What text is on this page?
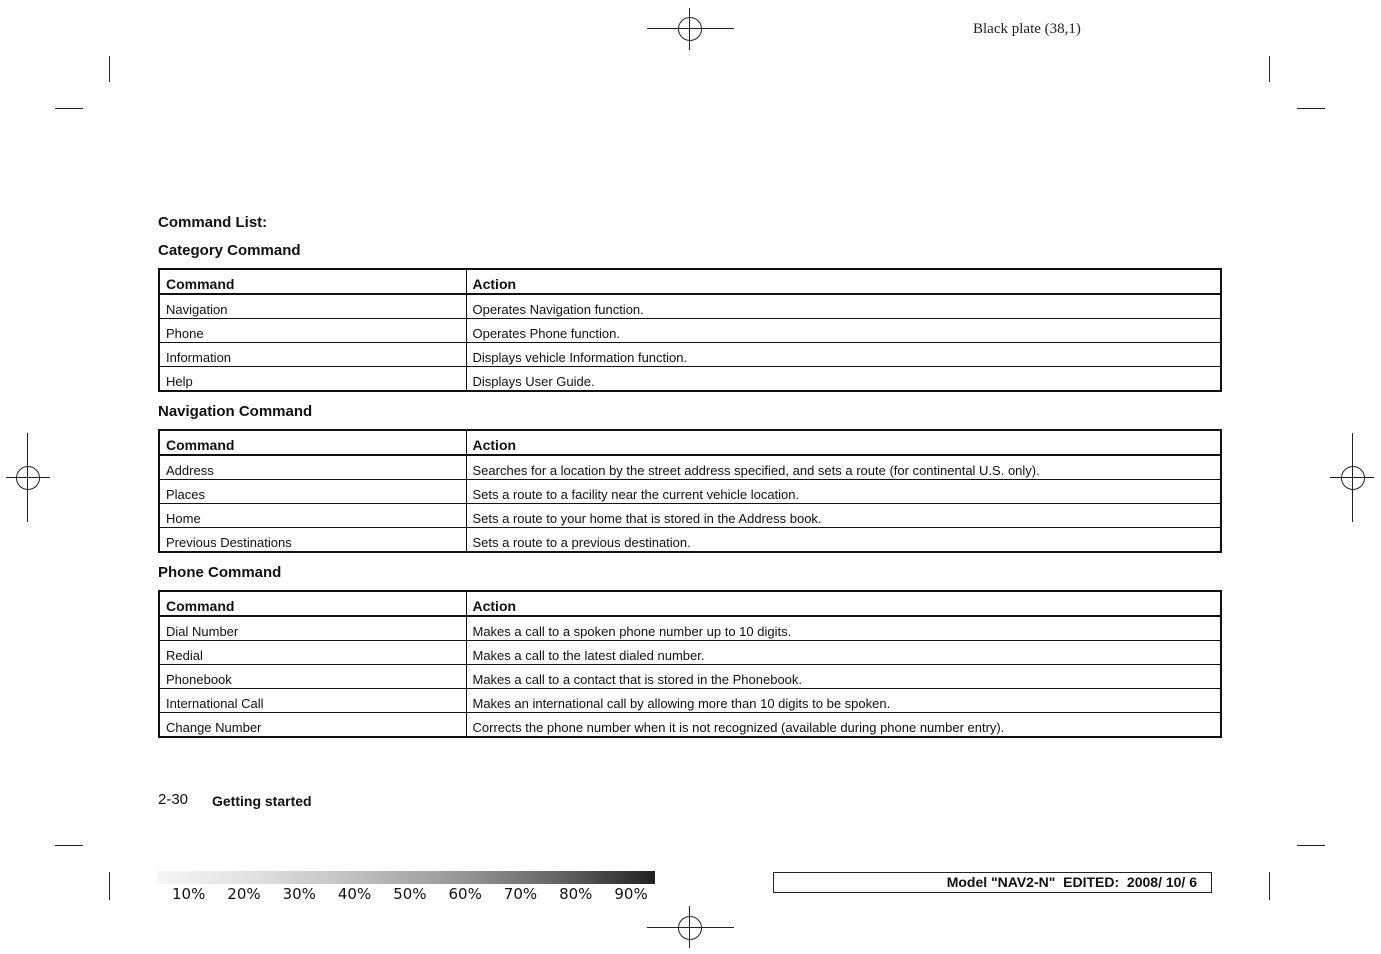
Black plate (38,1)
Command List:
Category Command
Command	Action
Navigation	Operates Navigation function.
Phone	Operates Phone function.
Information	Displays vehicle Information function.
Help	Displays User Guide.
Navigation Command
Command	Action
Address	Searches for a location by the street address specified, and sets a route (for continental U.S. only).
Places	Sets a route to a facility near the current vehicle location.
Home	Sets a route to your home that is stored in the Address book.
Previous Destinations	Sets a route to a previous destination.
Phone Command
Command	Action
Dial Number	Makes a call to a spoken phone number up to 10 digits.
Redial	Makes a call to the latest dialed number.
Phonebook	Makes a call to a contact that is stored in the Phonebook.
International Call	Makes an international call by allowing more than 10 digits to be spoken.
Change Number	Corrects the phone number when it is not recognized (available during phone number entry).
2-30 Getting started
10% 20% 30% 40% 50% 60% 70% 80% 90%
Model "NAV2-N"  EDITED:  2008/ 10/ 6
